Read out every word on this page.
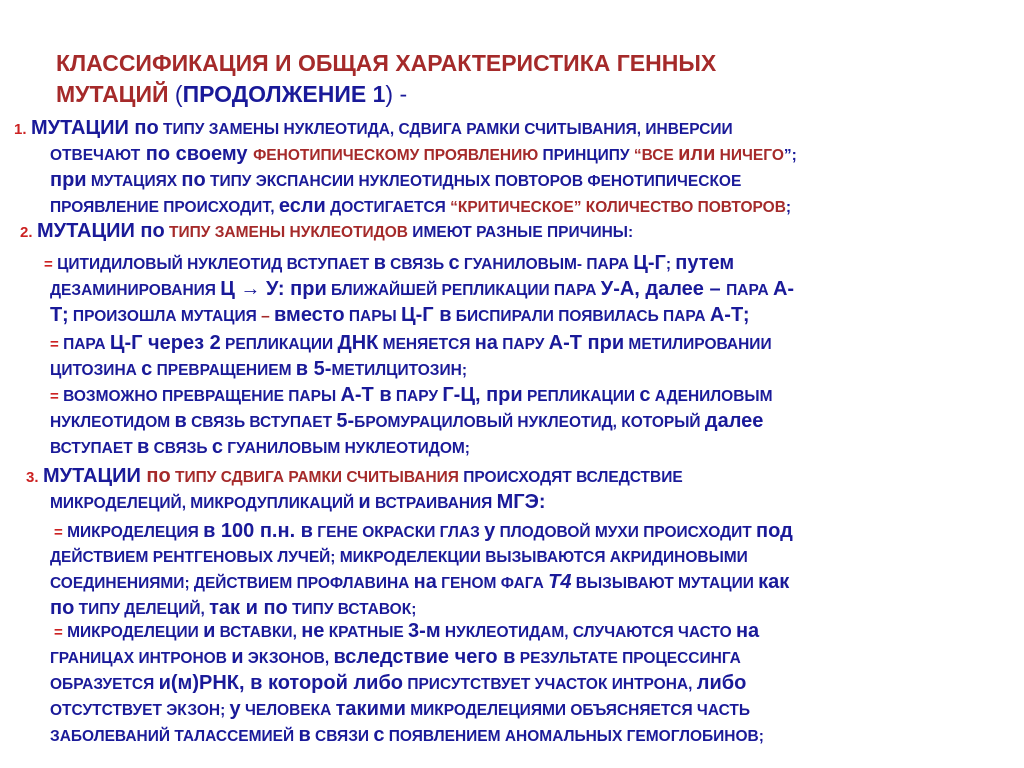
КЛАССИФИКАЦИЯ И ОБЩАЯ ХАРАКТЕРИСТИКА ГЕННЫХ
МУТАЦИЙ (ПРОДОЛЖЕНИЕ 1) -
1. МУТАЦИИ по ТИПУ ЗАМЕНЫ НУКЛЕОТИДА, СДВИГА РАМКИ СЧИТЫВАНИЯ, ИНВЕРСИИ
ОТВЕЧАЮТ по своему ФЕНОТИПИЧЕСКОМУ ПРОЯВЛЕНИЮ ПРИНЦИПУ “ВСЕ или НИЧЕГО”;
при МУТАЦИЯХ по ТИПУ ЭКСПАНСИИ НУКЛЕОТИДНЫХ ПОВТОРОВ ФЕНОТИПИЧЕСКОЕ
ПРОЯВЛЕНИЕ ПРОИСХОДИТ, если ДОСТИГАЕТСЯ “КРИТИЧЕСКОЕ” КОЛИЧЕСТВО ПОВТОРОВ;
2. МУТАЦИИ по ТИПУ ЗАМЕНЫ НУКЛЕОТИДОВ ИМЕЮТ РАЗНЫЕ ПРИЧИНЫ:
= ЦИТИДИЛОВЫЙ НУКЛЕОТИД ВСТУПАЕТ в СВЯЗЬ с ГУАНИЛОВЫМ- ПАРА Ц-Г; путем
ДЕЗАМИНИРОВАНИЯ Ц → У: при БЛИЖАЙШЕЙ РЕПЛИКАЦИИ ПАРА У-А, далее – ПАРА А-
Т; ПРОИЗОШЛА МУТАЦИЯ – вместо ПАРЫ Ц-Г в БИСПИРАЛИ ПОЯВИЛАСЬ ПАРА А-Т;
= ПАРА Ц-Г через 2 РЕПЛИКАЦИИ ДНК МЕНЯЕТСЯ на ПАРУ А-Т при МЕТИЛИРОВАНИИ
ЦИТОЗИНА с ПРЕВРАЩЕНИЕМ в 5-МЕТИЛЦИТОЗИН;
= ВОЗМОЖНО ПРЕВРАЩЕНИЕ ПАРЫ А-Т в ПАРУ Г-Ц, при РЕПЛИКАЦИИ с АДЕНИЛОВЫМ
НУКЛЕОТИДОМ в СВЯЗЬ ВСТУПАЕТ 5-БРОМУРАЦИЛОВЫЙ НУКЛЕОТИД, КОТОРЫЙ далее
ВСТУПАЕТ в СВЯЗЬ с ГУАНИЛОВЫМ НУКЛЕОТИДОМ;
3. МУТАЦИИ по ТИПУ СДВИГА РАМКИ СЧИТЫВАНИЯ ПРОИСХОДЯТ ВСЛЕДСТВИЕ
МИКРОДЕЛЕЦИЙ, МИКРОДУПЛИКАЦИЙ и ВСТРАИВАНИЯ МГЭ:
= МИКРОДЕЛЕЦИЯ в 100 п.н. в ГЕНЕ ОКРАСКИ ГЛАЗ у ПЛОДОВОЙ МУХИ ПРОИСХОДИТ под
ДЕЙСТВИЕМ РЕНТГЕНОВЫХ ЛУЧЕЙ; МИКРОДЕЛЕКЦИИ ВЫЗЫВАЮТСЯ АКРИДИНОВЫМИ
СОЕДИНЕНИЯМИ; ДЕЙСТВИЕМ ПРОФЛАВИНА на ГЕНОМ ФАГА Т4 ВЫЗЫВАЮТ МУТАЦИИ как
по ТИПУ ДЕЛЕЦИЙ, так и по ТИПУ ВСТАВОК;
= МИКРОДЕЛЕЦИИ и ВСТАВКИ, не КРАТНЫЕ 3-м НУКЛЕОТИДАМ, СЛУЧАЮТСЯ ЧАСТО на
ГРАНИЦАХ ИНТРОНОВ и ЭКЗОНОВ, вследствие чего в РЕЗУЛЬТАТЕ ПРОЦЕССИНГА
ОБРАЗУЕТСЯ и(м)РНК, в которой либо ПРИСУТСТВУЕТ УЧАСТОК ИНТРОНА, либо
ОТСУТСТВУЕТ ЭКЗОН; у ЧЕЛОВЕКА такими МИКРОДЕЛЕЦИЯМИ ОБЪЯСНЯЕТСЯ ЧАСТЬ
ЗАБОЛЕВАНИЙ ТАЛАССЕМИЕЙ в СВЯЗИ с ПОЯВЛЕНИЕМ АНОМАЛЬНЫХ ГЕМОГЛОБИНОВ;
